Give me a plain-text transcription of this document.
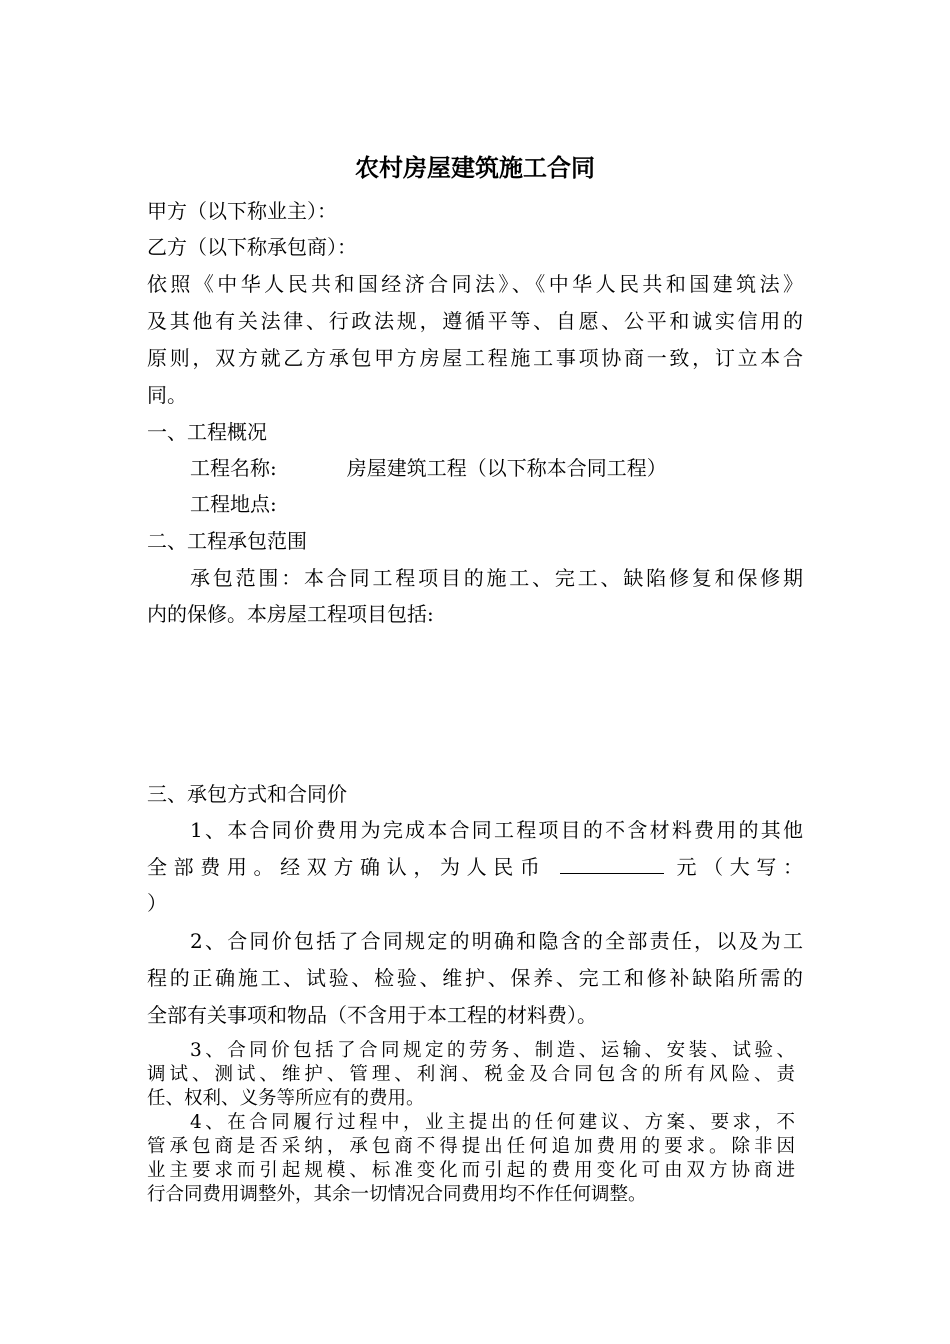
农村房屋建筑施工合同

甲方（以下称业主）：

乙方（以下称承包商）：

依照《中华人民共和国经济合同法》、《中华人民共和国建筑法》

及其他有关法律、行政法规，遵循平等、自愿、公平和诚实信用的

原则，双方就乙方承包甲方房屋工程施工事项协商一致，订立本合

同。

一、工程概况

工程名称:	房屋建筑工程（以下称本合同工程）

工程地点:

二、工程承包范围

承包范围：本合同工程项目的施工、完工、缺陷修复和保修期

内的保修。本房屋工程项目包括:

三、承包方式和合同价

1、本合同价费用为完成本合同工程项目的不含材料费用的其他

全部费用。经双方确认，为人民币	元（大写：

）

2、合同价包括了合同规定的明确和隐含的全部责任，以及为工

程的正确施工、试验、检验、维护、保养、完工和修补缺陷所需的

全部有关事项和物品（不含用于本工程的材料费）。

3、合同价包括了合同规定的劳务、制造、运输、安装、试验、

调试、测试、维护、管理、利润、税金及合同包含的所有风险、责

任、权利、义务等所应有的费用。

4、在合同履行过程中，业主提出的任何建议、方案、要求，不

管承包商是否采纳，承包商不得提出任何追加费用的要求。除非因

业主要求而引起规模、标准变化而引起的费用变化可由双方协商进

行合同费用调整外，其余一切情况合同费用均不作任何调整。
